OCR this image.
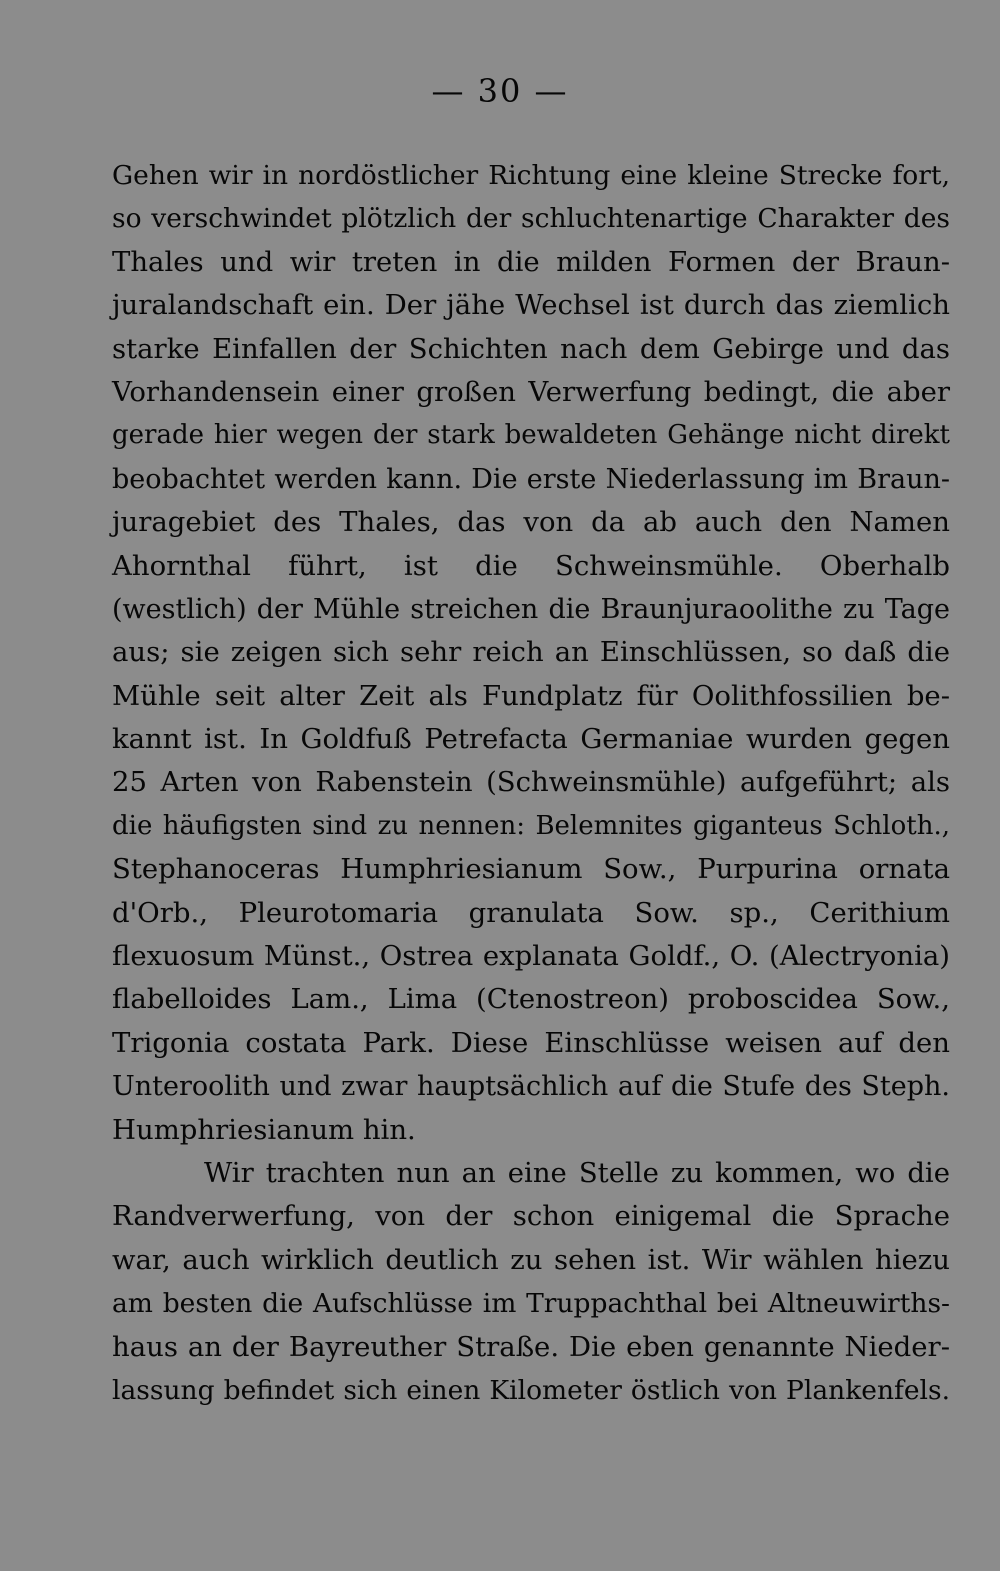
— 30 —
Gehen wir in nordöstlicher Richtung eine kleine Strecke fort,
so verschwindet plötzlich der schluchtenartige Charakter des
Thales und wir treten in die milden Formen der Braun-
juralandschaft ein. Der jähe Wechsel ist durch das ziemlich
starke Einfallen der Schichten nach dem Gebirge und das
Vorhandensein einer großen Verwerfung bedingt, die aber
gerade hier wegen der stark bewaldeten Gehänge nicht direkt
beobachtet werden kann. Die erste Niederlassung im Braun-
juragebiet des Thales, das von da ab auch den Namen
Ahornthal führt, ist die Schweinsmühle. Oberhalb
(westlich) der Mühle streichen die Braunjuraoolithe zu Tage
aus; sie zeigen sich sehr reich an Einschlüssen, so daß die
Mühle seit alter Zeit als Fundplatz für Oolithfossilien be-
kannt ist. In Goldfuß Petrefacta Germaniae wurden gegen
25 Arten von Rabenstein (Schweinsmühle) aufgeführt; als
die häufigsten sind zu nennen: Belemnites giganteus Schloth.,
Stephanoceras Humphriesianum Sow., Purpurina ornata
d'Orb., Pleurotomaria granulata Sow. sp., Cerithium
flexuosum Münst., Ostrea explanata Goldf., O. (Alectryonia)
flabelloides Lam., Lima (Ctenostreon) proboscidea Sow.,
Trigonia costata Park. Diese Einschlüsse weisen auf den
Unteroolith und zwar hauptsächlich auf die Stufe des Steph.
Humphriesianum hin.
Wir trachten nun an eine Stelle zu kommen, wo die
Randverwerfung, von der schon einigemal die Sprache
war, auch wirklich deutlich zu sehen ist. Wir wählen hiezu
am besten die Aufschlüsse im Truppachthal bei Altneuwirths-
haus an der Bayreuther Straße. Die eben genannte Nieder-
lassung befindet sich einen Kilometer östlich von Plankenfels.
